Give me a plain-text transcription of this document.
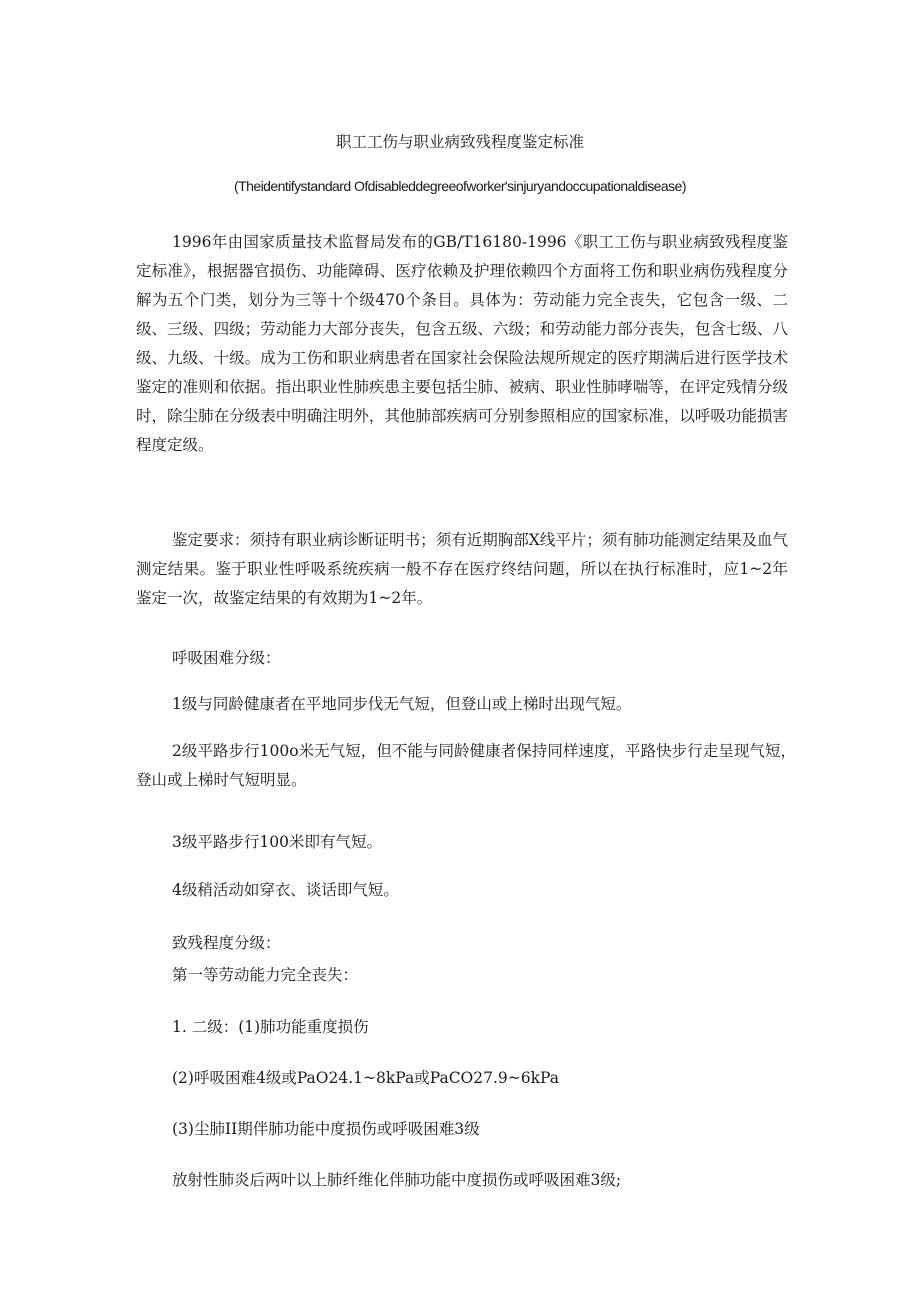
职工工伤与职业病致残程度鉴定标准
(Theidentifystandard Ofdisableddegreeofworker'sinjuryandoccupationaldisease)

1996年由国家质量技术监督局发布的GB/T16180-1996《职工工伤与职业病致残程度鉴定标准》，根据器官损伤、功能障碍、医疗依赖及护理依赖四个方面将工伤和职业病伤残程度分解为五个门类，划分为三等十个级470个条目。具体为：劳动能力完全丧失，它包含一级、二级、三级、四级；劳动能力大部分丧失，包含五级、六级；和劳动能力部分丧失，包含七级、八级、九级、十级。成为工伤和职业病患者在国家社会保险法规所规定的医疗期满后进行医学技术鉴定的准则和依据。指出职业性肺疾患主要包括尘肺、被病、职业性肺哮喘等，在评定残情分级时，除尘肺在分级表中明确注明外，其他肺部疾病可分别参照相应的国家标准，以呼吸功能损害程度定级。

鉴定要求：须持有职业病诊断证明书；须有近期胸部X线平片；须有肺功能测定结果及血气测定结果。鉴于职业性呼吸系统疾病一般不存在医疗终结问题，所以在执行标准时，应1~2年鉴定一次，故鉴定结果的有效期为1~2年。

呼吸困难分级：
1级与同龄健康者在平地同步伐无气短，但登山或上梯时出现气短。

2级平路步行100o米无气短，但不能与同龄健康者保持同样速度，平路快步行走呈现气短，登山或上梯时气短明显。

3级平路步行100米即有气短。
4级稍活动如穿衣、谈话即气短。
致残程度分级：
第一等劳动能力完全丧失：
1. 二级：(1)肺功能重度损伤
(2)呼吸困难4级或PaO24.1~8kPa或PaCO27.9~6kPa
(3)尘肺II期伴肺功能中度损伤或呼吸困难3级
放射性肺炎后两叶以上肺纤维化伴肺功能中度损伤或呼吸困难3级;
